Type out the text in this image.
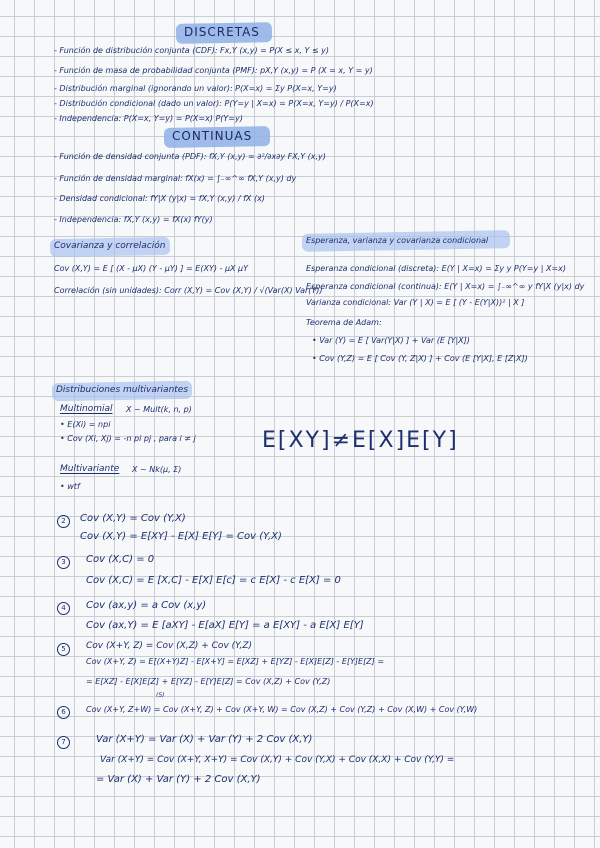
DISCRETAS
- Función de distribución conjunta (CDF): Fx,Y (x,y) = P(X ≤ x, Y ≤ y)
- Función de masa de probabilidad conjunta (PMF): pX,Y (x,y) = P (X = x, Y = y)
- Distribución marginal (ignorando un valor): P(X=x) = Σy P(X=x, Y=y)
- Distribución condicional (dado un valor): P(Y=y | X=x) = P(X=x, Y=y) / P(X=x)
- Independencia: P(X=x, Y=y) = P(X=x) P(Y=y)
CONTINUAS
- Función de densidad conjunta (PDF): fX,Y (x,y) = ∂²/∂x∂y FX,Y (x,y)
- Función de densidad marginal: fX(x) = ∫₋∞^∞ fX,Y (x,y) dy
- Densidad condicional: fY|X (y|x) = fX,Y (x,y) / fX (x)
- Independencia: fX,Y (x,y) = fX(x) fY(y)
Covarianza y correlación
Cov (X,Y) = E [ (X - μX) (Y - μY) ] = E(XY) - μX μY
Correlación (sin unidades): Corr (X,Y) = Cov (X,Y) / √(Var(X) Var(Y))
Esperanza, varianza y covarianza condicional
Esperanza condicional (discreta): E(Y | X=x) = Σy y P(Y=y | X=x)
Esperanza condicional (continua): E(Y | X=x) = ∫₋∞^∞ y fY|X (y|x) dy
Varianza condicional: Var (Y | X) = E [ (Y - E(Y|X))² | X ]
Teorema de Adam:
• Var (Y) = E [ Var(Y|X) ] + Var (E [Y|X])
• Cov (Y,Z) = E [ Cov (Y, Z|X) ] + Cov (E [Y|X], E [Z|X])
Distribuciones multivariantes
Multinomial X ~ Mult(k, n, p)
• E(Xi) = npi
• Cov (Xi, Xj) = -n pi pj , para i ≠ j
Multivariante X ~ Nk(μ, Σ)
• wtf
E[XY]≠E[X]E[Y]
2	Cov (X,Y) = Cov (Y,X)
Cov (X,Y) = E[XY] - E[X] E[Y] = Cov (Y,X)
3	Cov (X,C) = 0
Cov (X,C) = E [X,C] - E[X] E[c] = c E[X] - c E[X] = 0
4	Cov (ax,y) = a Cov (x,y)
Cov (ax,Y) = E [aXY] - E[aX] E[Y] = a E[XY] - a E[X] E[Y]
5	Cov (X+Y, Z) = Cov (X,Z) + Cov (Y,Z)
Cov (X+Y, Z) = E[(X+Y)Z] - E[X+Y] = E[XZ] + E[YZ] - E[X]E[Z] - E[Y]E[Z] =
= E[XZ] - E[X]E[Z] + E[YZ] - E[Y]E[Z] = Cov (X,Z) + Cov (Y,Z)
6
(5)
Cov (X+Y, Z+W) = Cov (X+Y, Z) + Cov (X+Y, W) = Cov (X,Z) + Cov (Y,Z) + Cov (X,W) + Cov (Y,W)
7	Var (X+Y) = Var (X) + Var (Y) + 2 Cov (X,Y)
Var (X+Y) = Cov (X+Y, X+Y) = Cov (X,Y) + Cov (Y,X) + Cov (X,X) + Cov (Y,Y) =
= Var (X) + Var (Y) + 2 Cov (X,Y)
